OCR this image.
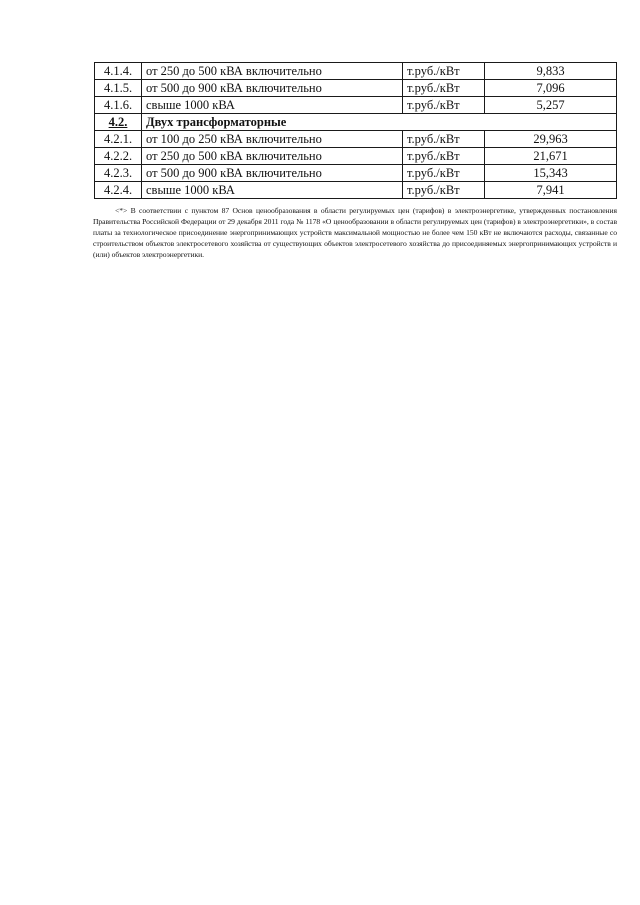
4.1.4.	от 250 до 500 кВА включительно	т.руб./кВт	9,833
4.1.5.	от 500 до 900 кВА включительно	т.руб./кВт	7,096
4.1.6.	свыше 1000 кВА	т.руб./кВт	5,257
4.2.	Двух трансформаторные		
4.2.1.	от 100 до 250 кВА включительно	т.руб./кВт	29,963
4.2.2.	от 250 до 500 кВА включительно	т.руб./кВт	21,671
4.2.3.	от 500 до 900 кВА включительно	т.руб./кВт	15,343
4.2.4.	свыше 1000 кВА	т.руб./кВт	7,941

<*> В соответствии с пунктом 87 Основ ценообразования в области регулируемых цен (тарифов) в электроэнергетике, утвержденных постановления Правительства Российской Федерации от 29 декабря 2011 года № 1178 «О ценообразовании в области регулируемых цен (тарифов) в электроэнергетики», в состав платы за технологическое присоединение энергопринимающих устройств максимальной мощностью не более чем 150 кВт не включаются расходы, связанные со строительством объектов электросетевого хозяйства от существующих объектов электросетевого хозяйства до присоединяемых энергопринимающих устройств и (или) объектов электроэнергетики.
